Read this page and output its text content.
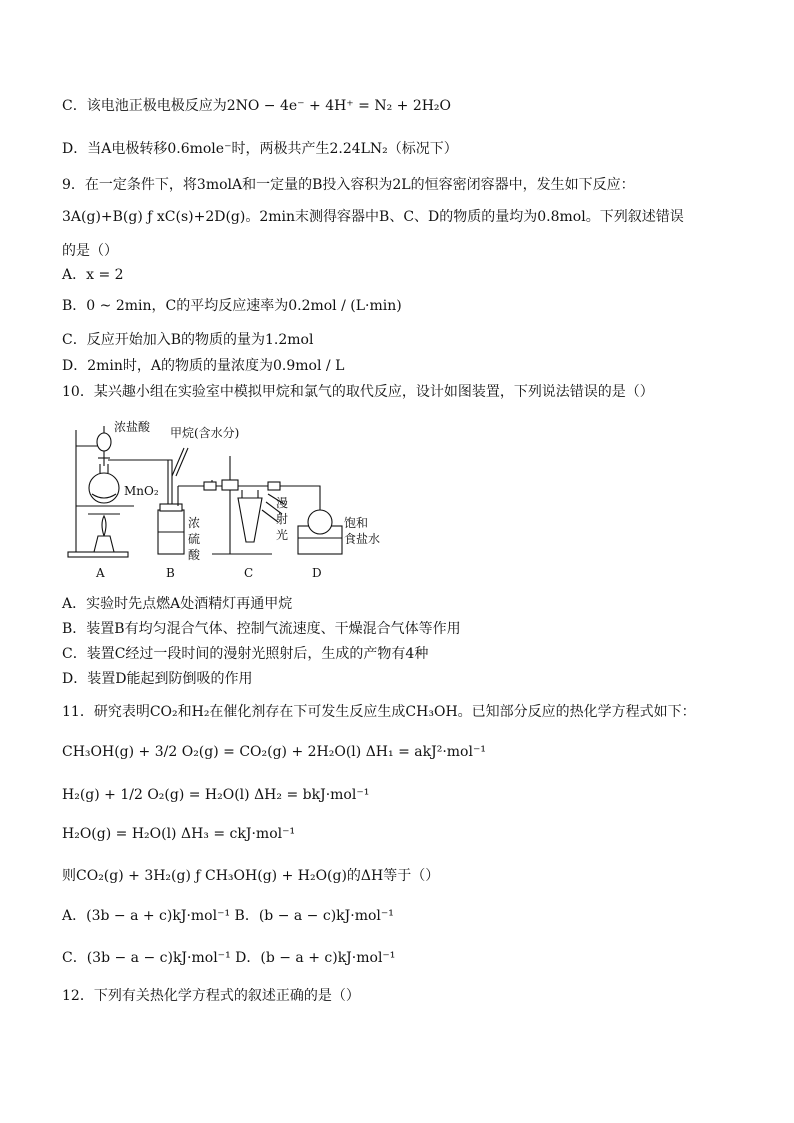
C．该电池正极电极反应为2NO − 4e⁻ + 4H⁺ = N₂ + 2H₂O
D．当A电极转移0.6mole⁻时，两极共产生2.24LN₂（标况下）
9．在一定条件下，将3molA和一定量的B投入容积为2L的恒容密闭容器中，发生如下反应：
3A(g)+B(g) ƒ xC(s)+2D(g)。2min末测得容器中B、C、D的物质的量均为0.8mol。下列叙述错误
的是（）
A．x = 2
B．0 ~ 2min，C的平均反应速率为0.2mol / (L·min)
C．反应开始加入B的物质的量为1.2mol
D．2min时，A的物质的量浓度为0.9mol / L
10．某兴趣小组在实验室中模拟甲烷和氯气的取代反应，设计如图装置，下列说法错误的是（）
浓盐酸 甲烷(含水分)
MnO₂
浓
硫
酸
漫
射
光
饱和
食盐水
A	B	C	D
A．实验时先点燃A处酒精灯再通甲烷
B．装置B有均匀混合气体、控制气流速度、干燥混合气体等作用
C．装置C经过一段时间的漫射光照射后，生成的产物有4种
D．装置D能起到防倒吸的作用
11．研究表明CO₂和H₂在催化剂存在下可发生反应生成CH₃OH。已知部分反应的热化学方程式如下：
CH₃OH(g) + 3/2 O₂(g) = CO₂(g) + 2H₂O(l) ΔH₁ = akJ²·mol⁻¹
H₂(g) + 1/2 O₂(g) = H₂O(l) ΔH₂ = bkJ·mol⁻¹
H₂O(g) = H₂O(l) ΔH₃ = ckJ·mol⁻¹
则CO₂(g) + 3H₂(g) ƒ CH₃OH(g) + H₂O(g)的ΔH等于（）
A．(3b − a + c)kJ·mol⁻¹ B．(b − a − c)kJ·mol⁻¹
C．(3b − a − c)kJ·mol⁻¹ D．(b − a + c)kJ·mol⁻¹
12．下列有关热化学方程式的叙述正确的是（）
